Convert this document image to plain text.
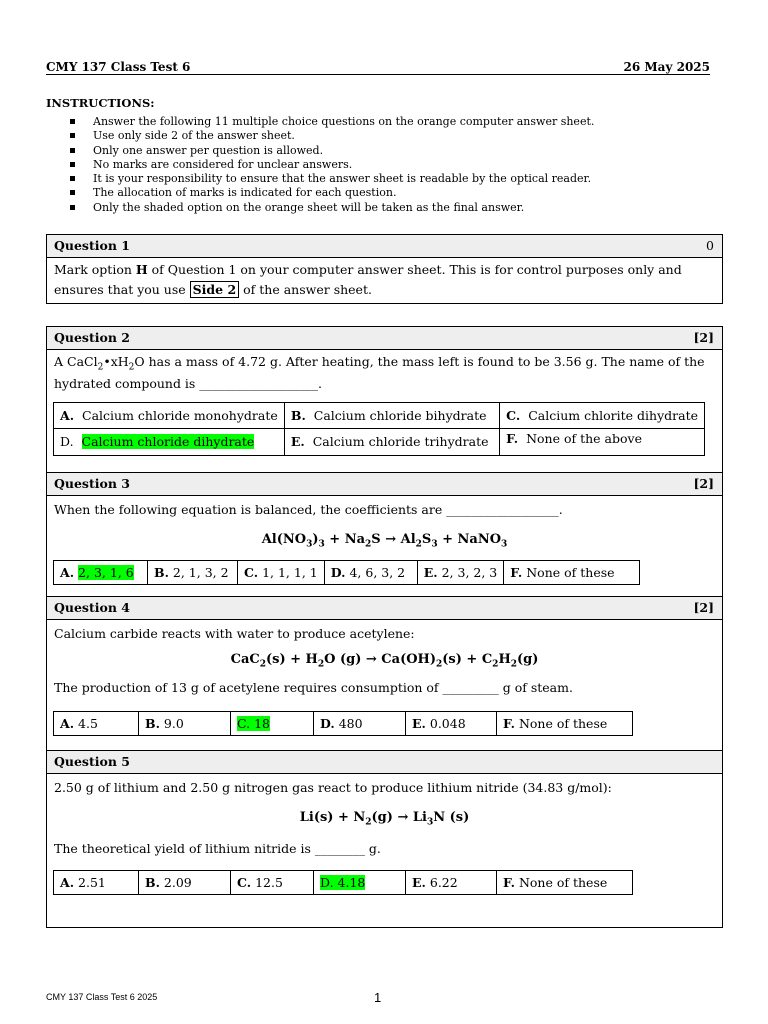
CMY 137 Class Test 6	26 May 2025
INSTRUCTIONS:
Answer the following 11 multiple choice questions on the orange computer answer sheet.
Use only side 2 of the answer sheet.
Only one answer per question is allowed.
No marks are considered for unclear answers.
It is your responsibility to ensure that the answer sheet is readable by the optical reader.
The allocation of marks is indicated for each question.
Only the shaded option on the orange sheet will be taken as the final answer.
Question 1	0
Mark option H of Question 1 on your computer answer sheet. This is for control purposes only and ensures that you use Side 2 of the answer sheet.
Question 2	[2]
A $CaCl_2•xH_2O$ has a mass of 4.72 g. After heating, the mass left is found to be 3.56 g. The name of the hydrated compound is ___________________.
A. Calcium chloride monohydrate	B. Calcium chloride bihydrate	C. Calcium chlorite dihydrate
D. Calcium chloride dihydrate	E. Calcium chloride trihydrate	F. None of the above
Question 3	[2]
When the following equation is balanced, the coefficients are __________________.
$Al(NO_3)_3 + Na_2S \to Al_2S_3$ + NaNO$_3$
A. 2, 3, 1, 6	B. 2, 1, 3, 2	C. 1, 1, 1, 1	D. 4, 6, 3, 2	E. 2, 3, 2, 3	F. None of these
Question 4	[2]
Calcium carbide reacts with water to produce acetylene:
$CaC_2(s) + H_2O$ $(g) \to Ca(OH)_2(s) + C_2H_2(g)$
The production of 13 g of acetylene requires consumption of _________ g of steam.
A. 4.5	B. 9.0	C. 18	D. 480	E. 0.048	F. None of these
Question 5
2.50 g of lithium and 2.50 g nitrogen gas react to produce lithium nitride (34.83 g/mol):
$Li(s) + N_2(g) \to Li_3N$ (s)
The theoretical yield of lithium nitride is ________ g.
A. 2.51	B. 2.09	C. 12.5	D. 4.18	E. 6.22	F. None of these
CMY 137 Class Test 6 2025	1
